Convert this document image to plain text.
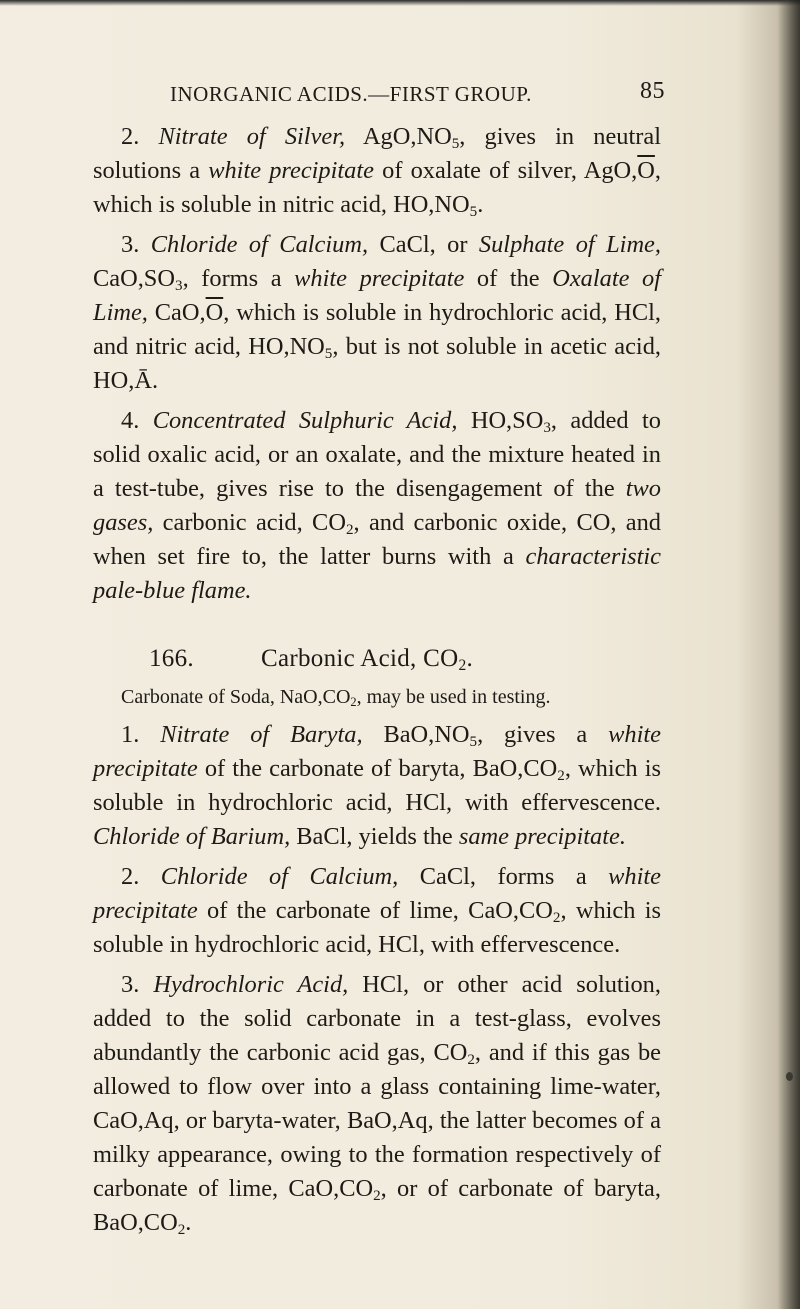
INORGANIC ACIDS.—FIRST GROUP.	85

2. Nitrate of Silver, $AgO,NO_5$, gives in neutral solutions a white precipitate of oxalate of silver, $AgO,\overline{O}$, which is soluble in nitric acid, $HO,NO_5$.

3. Chloride of Calcium, CaCl, or Sulphate of Lime, $CaO,SO_3$, forms a white precipitate of the Oxalate of Lime, $CaO,\overline{O}$, which is soluble in hydrochloric acid, HCl, and nitric acid, $HO,NO_5$, but is not soluble in acetic acid, HO,Ā.

4. Concentrated Sulphuric Acid, $HO,SO_3$, added to solid oxalic acid, or an oxalate, and the mixture heated in a test-tube, gives rise to the disengagement of the two gases, carbonic acid, $CO_2$, and carbonic oxide, CO, and when set fire to, the latter burns with a characteristic pale-blue flame.

166.	Carbonic Acid, $CO_2$.

Carbonate of Soda, $NaO,CO_2$, may be used in testing.

1. Nitrate of Baryta, $BaO,NO_5$, gives a white precipitate of the carbonate of baryta, $BaO,CO_2$, which is soluble in hydrochloric acid, HCl, with effervescence. Chloride of Barium, BaCl, yields the same precipitate.

2. Chloride of Calcium, CaCl, forms a white precipitate of the carbonate of lime, $CaO,CO_2$, which is soluble in hydrochloric acid, HCl, with effervescence.

3. Hydrochloric Acid, HCl, or other acid solution, added to the solid carbonate in a test-glass, evolves abundantly the carbonic acid gas, $CO_2$, and if this gas be allowed to flow over into a glass containing lime-water, CaO,Aq, or baryta-water, BaO,Aq, the latter becomes of a milky appearance, owing to the formation respectively of carbonate of lime, $CaO,CO_2$, or of carbonate of baryta, $BaO,CO_2$.
